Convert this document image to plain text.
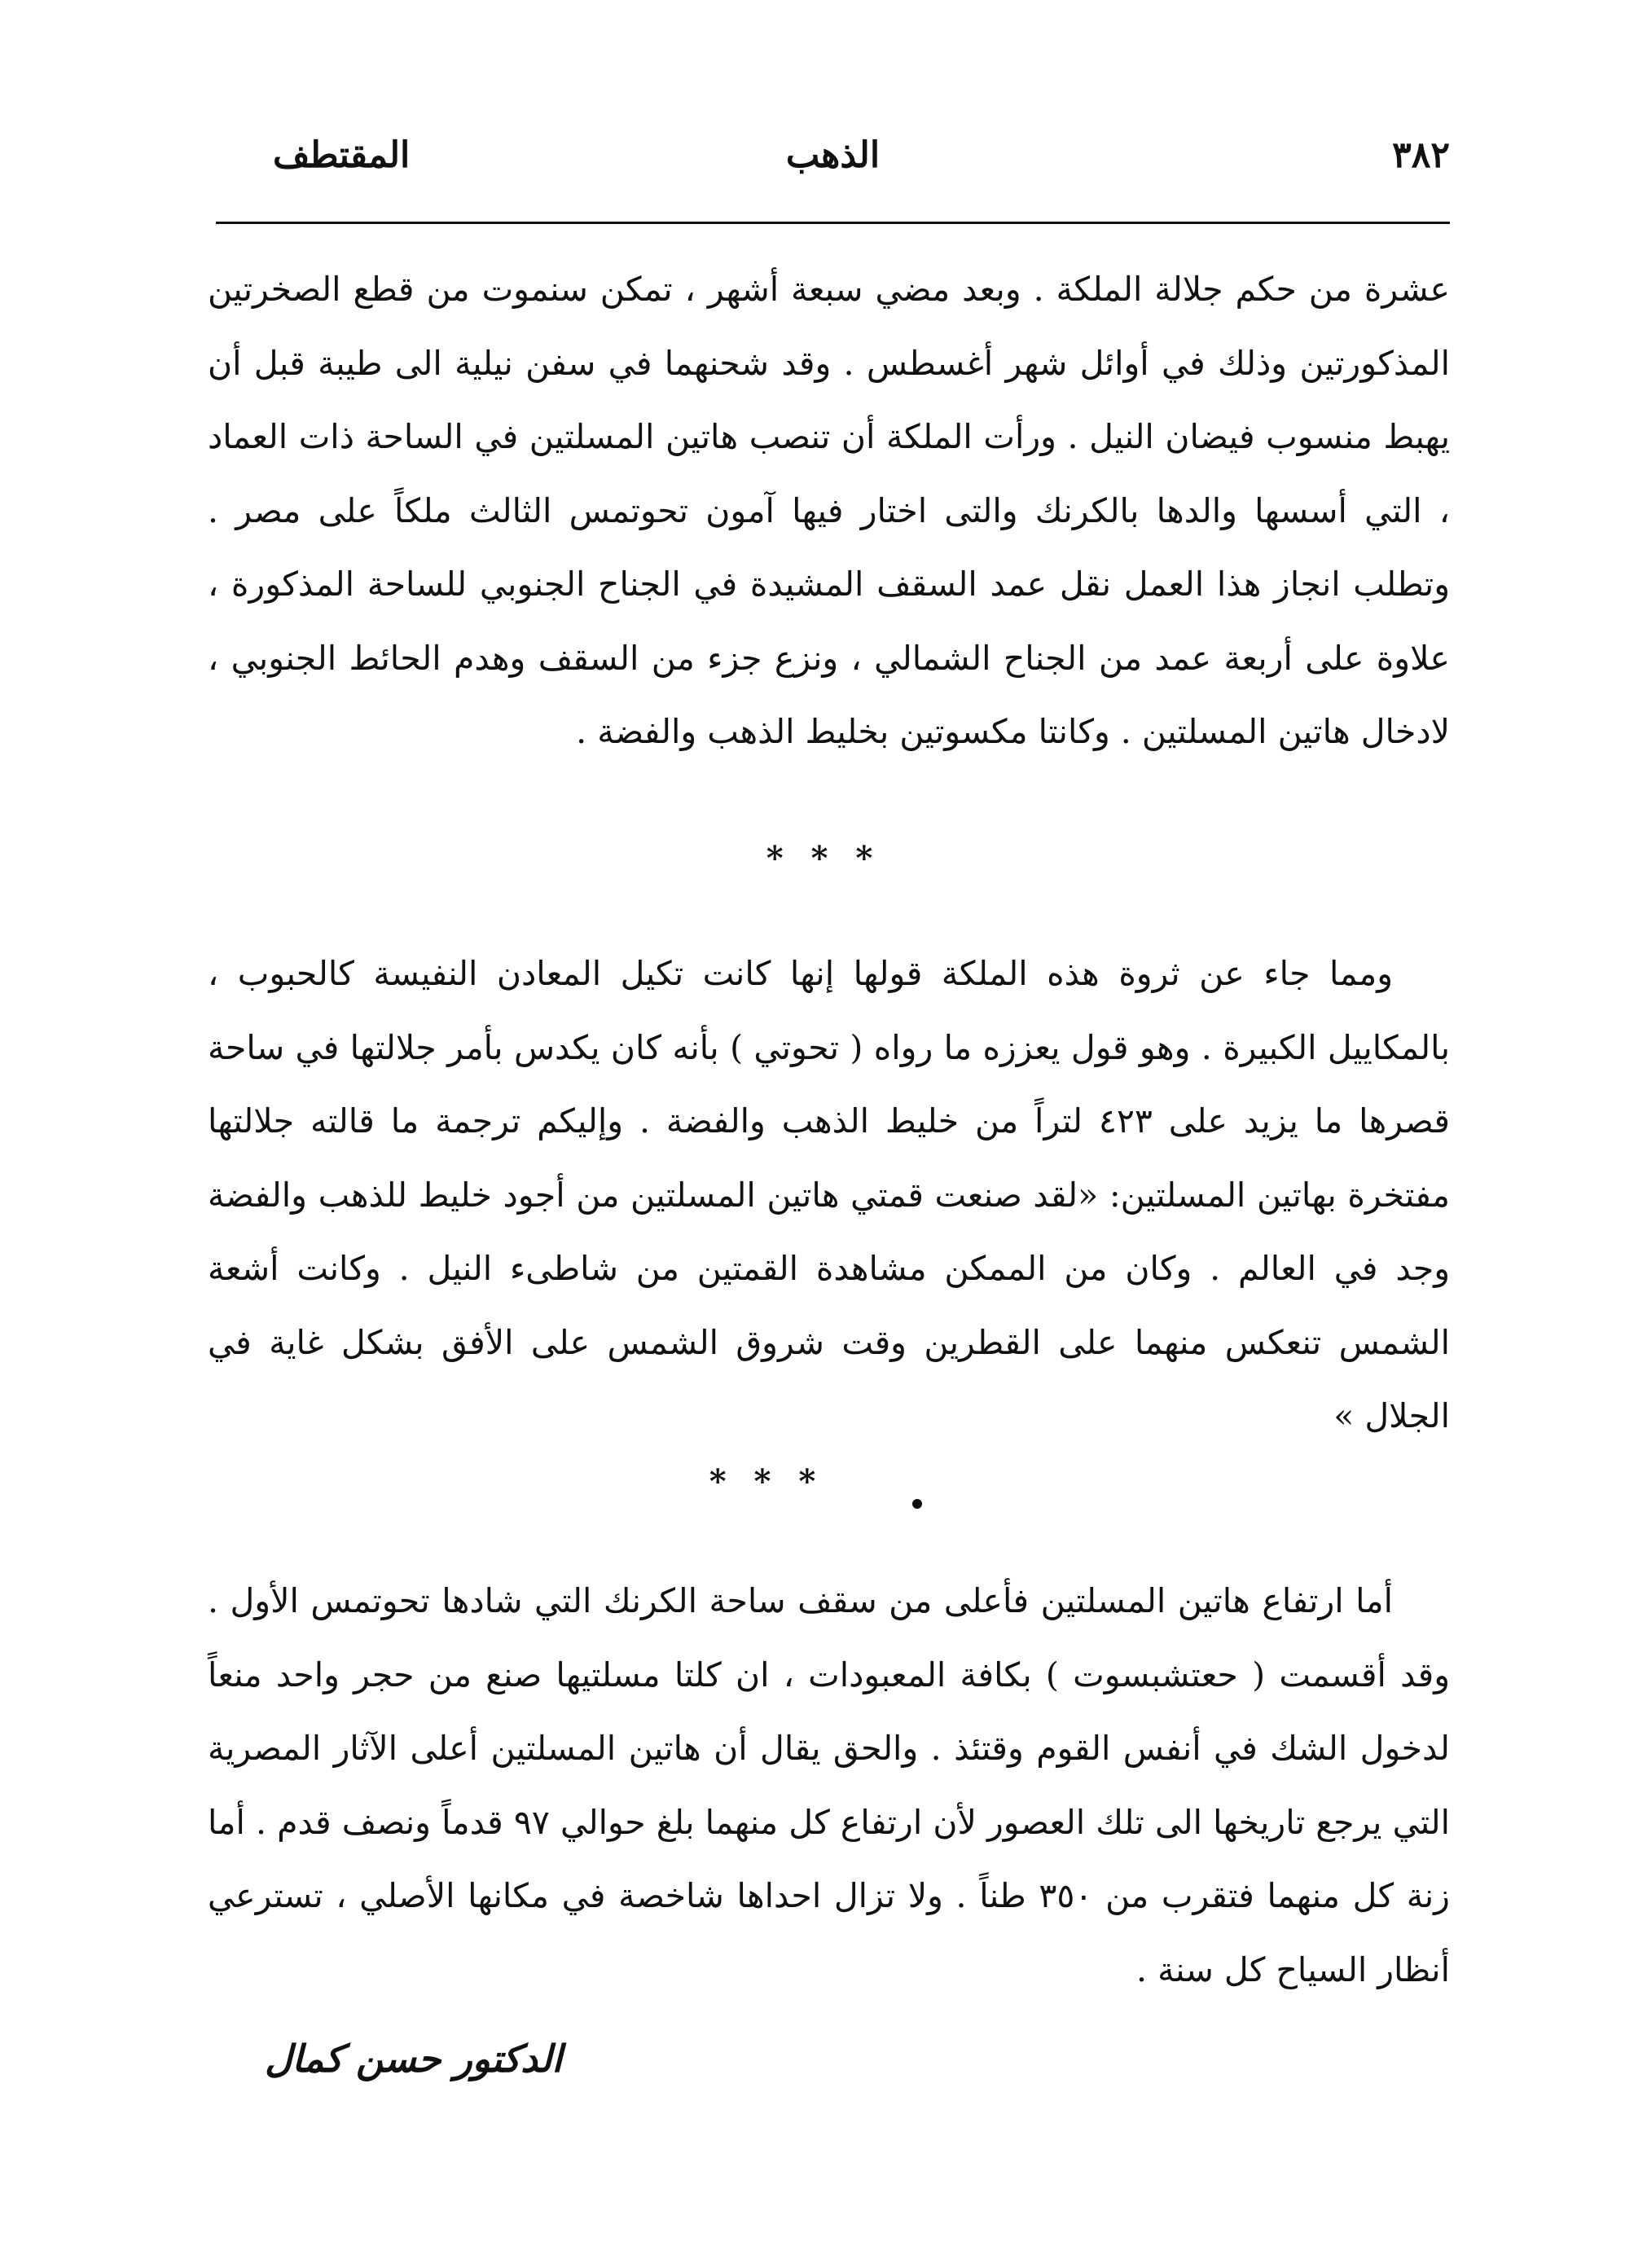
٣٨٢
الذهب
المقتطف

عشرة من حكم جلالة الملكة . وبعد مضي سبعة أشهر ، تمكن سنموت من قطع الصخرتين المذكورتين وذلك في أوائل شهر أغسطس . وقد شحنهما في سفن نيلية الى طيبة قبل أن يهبط منسوب فيضان النيل . ورأت الملكة أن تنصب هاتين المسلتين في الساحة ذات العماد ، التي أسسها والدها بالكرنك والتى اختار فيها آمون تحوتمس الثالث ملكاً على مصر . وتطلب انجاز هذا العمل نقل عمد السقف المشيدة في الجناح الجنوبي للساحة المذكورة ، علاوة على أربعة عمد من الجناح الشمالي ، ونزع جزء من السقف وهدم الحائط الجنوبي ، لادخال هاتين المسلتين . وكانتا مكسوتين بخليط الذهب والفضة .

* * *

ومما جاء عن ثروة هذه الملكة قولها إنها كانت تكيل المعادن النفيسة كالحبوب ، بالمكاييل الكبيرة . وهو قول يعززه ما رواه ( تحوتي ) بأنه كان يكدس بأمر جلالتها في ساحة قصرها ما يزيد على ٤٢٣ لتراً من خليط الذهب والفضة . وإليكم ترجمة ما قالته جلالتها مفتخرة بهاتين المسلتين: «لقد صنعت قمتي هاتين المسلتين من أجود خليط للذهب والفضة وجد في العالم . وكان من الممكن مشاهدة القمتين من شاطىء النيل . وكانت أشعة الشمس تنعكس منهما على القطرين وقت شروق الشمس على الأفق بشكل غاية في الجلال »

* * *

أما ارتفاع هاتين المسلتين فأعلى من سقف ساحة الكرنك التي شادها تحوتمس الأول . وقد أقسمت ( حعتشبسوت ) بكافة المعبودات ، ان كلتا مسلتيها صنع من حجر واحد منعاً لدخول الشك في أنفس القوم وقتئذ . والحق يقال أن هاتين المسلتين أعلى الآثار المصرية التي يرجع تاريخها الى تلك العصور لأن ارتفاع كل منهما بلغ حوالي ٩٧ قدماً ونصف قدم . أما زنة كل منهما فتقرب من ٣٥٠ طناً . ولا تزال احداها شاخصة في مكانها الأصلي ، تسترعي أنظار السياح كل سنة .

الدكتور حسن كمال
